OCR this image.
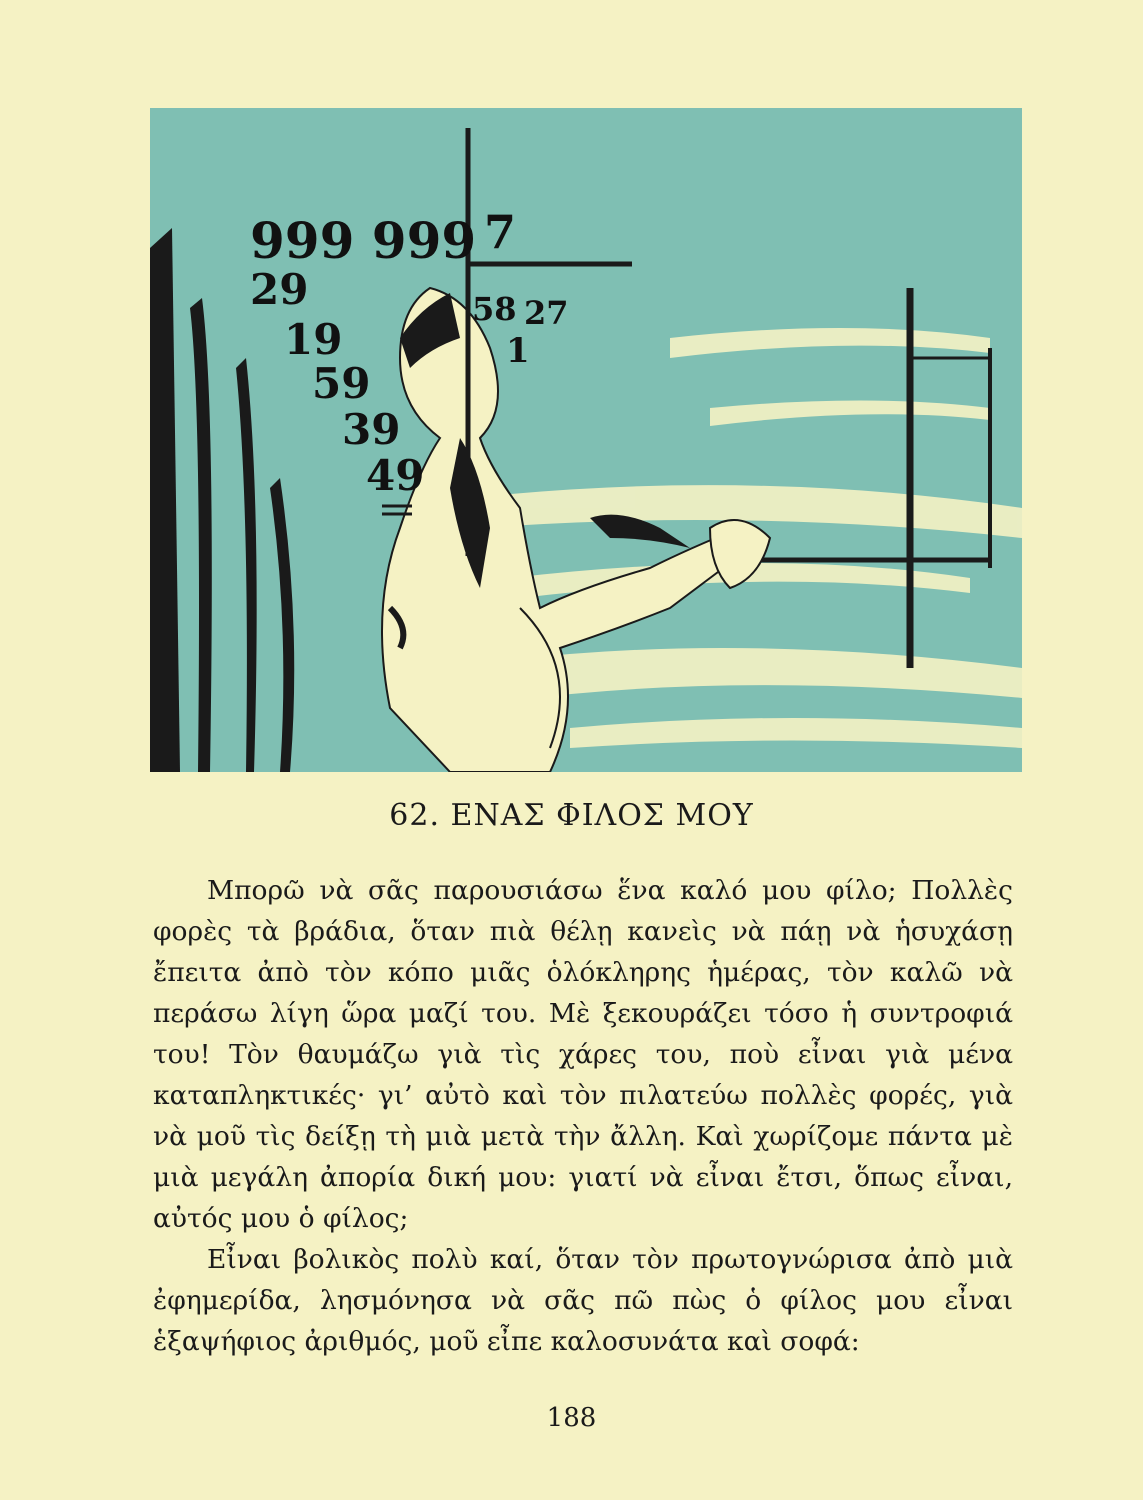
999 999 7
58 27
1
29
19
59
39
49
62. ΕΝΑΣ ΦΙΛΟΣ ΜΟΥ

Μπορῶ νὰ σᾶς παρουσιάσω ἕνα καλό μου φίλο; Πολλὲς φορὲς τὰ βράδια, ὅταν πιὰ θέλῃ κανεὶς νὰ πάῃ νὰ ἡσυχάσῃ ἔπειτα ἀπὸ τὸν κόπο μιᾶς ὁλόκληρης ἡμέρας, τὸν καλῶ νὰ περάσω λίγη ὥρα μαζί του. Μὲ ξεκουράζει τόσο ἡ συντροφιά του! Τὸν θαυμάζω γιὰ τὶς χάρες του, ποὺ εἶναι γιὰ μένα καταπληκτικές· γι’ αὐτὸ καὶ τὸν πιλατεύω πολλὲς φορές, γιὰ νὰ μοῦ τὶς δείξῃ τὴ μιὰ μετὰ τὴν ἄλλη. Καὶ χωρίζομε πάντα μὲ μιὰ μεγάλη ἀπορία δική μου: γιατί νὰ εἶναι ἔτσι, ὅπως εἶναι, αὐτός μου ὁ φίλος;

Εἶναι βολικὸς πολὺ καί, ὅταν τὸν πρωτογνώρισα ἀπὸ μιὰ ἐφημερίδα, λησμόνησα νὰ σᾶς πῶ πὼς ὁ φίλος μου εἶναι ἑξαψήφιος ἀριθμός, μοῦ εἶπε καλοσυνάτα καὶ σοφά:

188
